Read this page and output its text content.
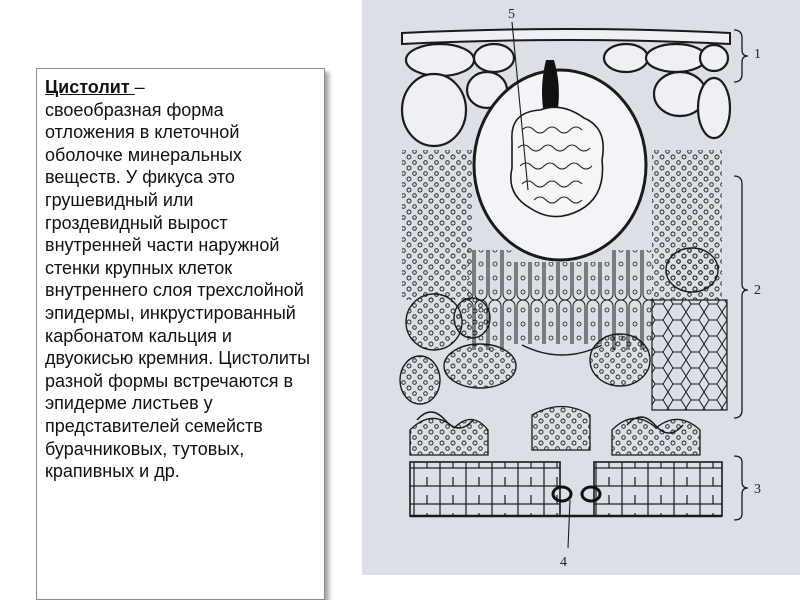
5
1
2
3
4

Цистолит –
своеобразная форма отложения в клеточной оболочке минеральных веществ. У фикуса это грушевидный или гроздевидный вырост внутренней части наружной стенки крупных клеток внутреннего слоя трехслойной эпидермы, инкрустированный карбонатом кальция и двуокисью кремния. Цистолиты разной формы встречаются в эпидерме листьев у представителей семейств бурачниковых, тутовых, крапивных и др.
